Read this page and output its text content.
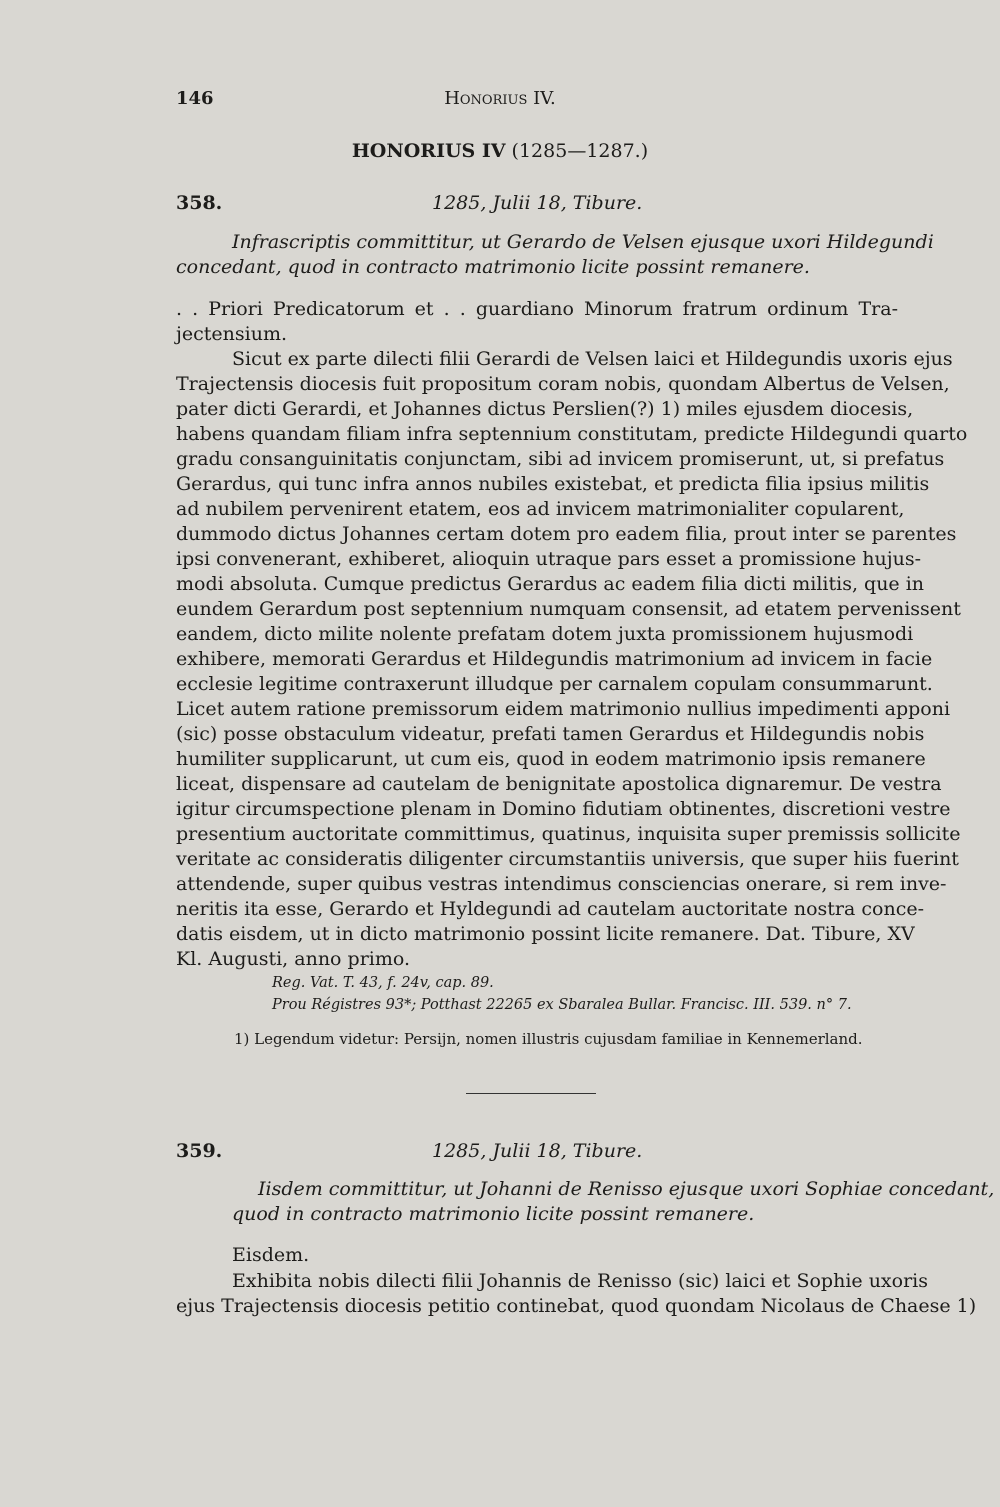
146	Honorius IV.
HONORIUS IV (1285—1287.)
358.	1285, Julii 18, Tibure.
Infrascriptis committitur, ut Gerardo de Velsen ejusque uxori Hildegundi
concedant, quod in contracto matrimonio licite possint remanere.
. . Priori Predicatorum et . . guardiano Minorum fratrum ordinum Tra-
jectensium.
Sicut ex parte dilecti filii Gerardi de Velsen laici et Hildegundis uxoris ejus
Trajectensis diocesis fuit propositum coram nobis, quondam Albertus de Velsen,
pater dicti Gerardi, et Johannes dictus Perslien(?) 1) miles ejusdem diocesis,
habens quandam filiam infra septennium constitutam, predicte Hildegundi quarto
gradu consanguinitatis conjunctam, sibi ad invicem promiserunt, ut, si prefatus
Gerardus, qui tunc infra annos nubiles existebat, et predicta filia ipsius militis
ad nubilem pervenirent etatem, eos ad invicem matrimonialiter copularent,
dummodo dictus Johannes certam dotem pro eadem filia, prout inter se parentes
ipsi convenerant, exhiberet, alioquin utraque pars esset a promissione hujus-
modi absoluta. Cumque predictus Gerardus ac eadem filia dicti militis, que in
eundem Gerardum post septennium numquam consensit, ad etatem pervenissent
eandem, dicto milite nolente prefatam dotem juxta promissionem hujusmodi
exhibere, memorati Gerardus et Hildegundis matrimonium ad invicem in facie
ecclesie legitime contraxerunt illudque per carnalem copulam consummarunt.
Licet autem ratione premissorum eidem matrimonio nullius impedimenti apponi
(sic) posse obstaculum videatur, prefati tamen Gerardus et Hildegundis nobis
humiliter supplicarunt, ut cum eis, quod in eodem matrimonio ipsis remanere
liceat, dispensare ad cautelam de benignitate apostolica dignaremur. De vestra
igitur circumspectione plenam in Domino fidutiam obtinentes, discretioni vestre
presentium auctoritate committimus, quatinus, inquisita super premissis sollicite
veritate ac consideratis diligenter circumstantiis universis, que super hiis fuerint
attendende, super quibus vestras intendimus consciencias onerare, si rem inve-
neritis ita esse, Gerardo et Hyldegundi ad cautelam auctoritate nostra conce-
datis eisdem, ut in dicto matrimonio possint licite remanere. Dat. Tibure, XV
Kl. Augusti, anno primo.
Reg. Vat. T. 43, f. 24v, cap. 89.
Prou Régistres 93*; Potthast 22265 ex Sbaralea Bullar. Francisc. III. 539. n° 7.
1) Legendum videtur: Persijn, nomen illustris cujusdam familiae in Kennemerland.
359.	1285, Julii 18, Tibure.
Iisdem committitur, ut Johanni de Renisso ejusque uxori Sophiae concedant,
quod in contracto matrimonio licite possint remanere.
Eisdem.
Exhibita nobis dilecti filii Johannis de Renisso (sic) laici et Sophie uxoris
ejus Trajectensis diocesis petitio continebat, quod quondam Nicolaus de Chaese 1)
